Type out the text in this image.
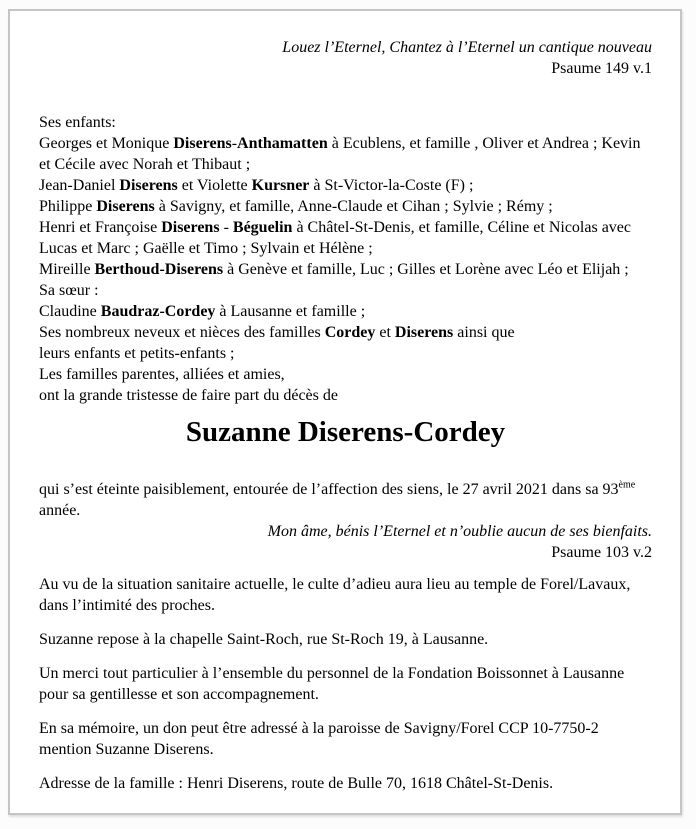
Louez l’Eternel, Chantez à l’Eternel un cantique nouveau
Psaume 149 v.1
Ses enfants:
Georges et Monique Diserens-Anthamatten à Ecublens, et famille , Oliver et Andrea ; Kevin
et Cécile avec Norah et Thibaut ;
Jean-Daniel Diserens et Violette Kursner à St-Victor-la-Coste (F) ;
Philippe Diserens à Savigny, et famille, Anne-Claude et Cihan ; Sylvie ; Rémy ;
Henri et Françoise Diserens - Béguelin à Châtel-St-Denis, et famille, Céline et Nicolas avec
Lucas et Marc ; Gaëlle et Timo ; Sylvain et Hélène ;
Mireille Berthoud-Diserens à Genève et famille, Luc ; Gilles et Lorène avec Léo et Elijah ;
Sa sœur :
Claudine Baudraz-Cordey à Lausanne et famille ;
Ses nombreux neveux et nièces des familles Cordey et Diserens ainsi que
leurs enfants et petits-enfants ;
Les familles parentes, alliées et amies,
ont la grande tristesse de faire part du décès de
Suzanne Diserens-Cordey
qui s’est éteinte paisiblement, entourée de l’affection des siens, le 27 avril 2021 dans sa 93ème
année.
Mon âme, bénis l’Eternel et n’oublie aucun de ses bienfaits.
Psaume 103 v.2
Au vu de la situation sanitaire actuelle, le culte d’adieu aura lieu au temple de Forel/Lavaux,
dans l’intimité des proches.
Suzanne repose à la chapelle Saint-Roch, rue St-Roch 19, à Lausanne.
Un merci tout particulier à l’ensemble du personnel de la Fondation Boissonnet à Lausanne
pour sa gentillesse et son accompagnement.
En sa mémoire, un don peut être adressé à la paroisse de Savigny/Forel CCP 10-7750-2
mention Suzanne Diserens.
Adresse de la famille : Henri Diserens, route de Bulle 70, 1618 Châtel-St-Denis.
